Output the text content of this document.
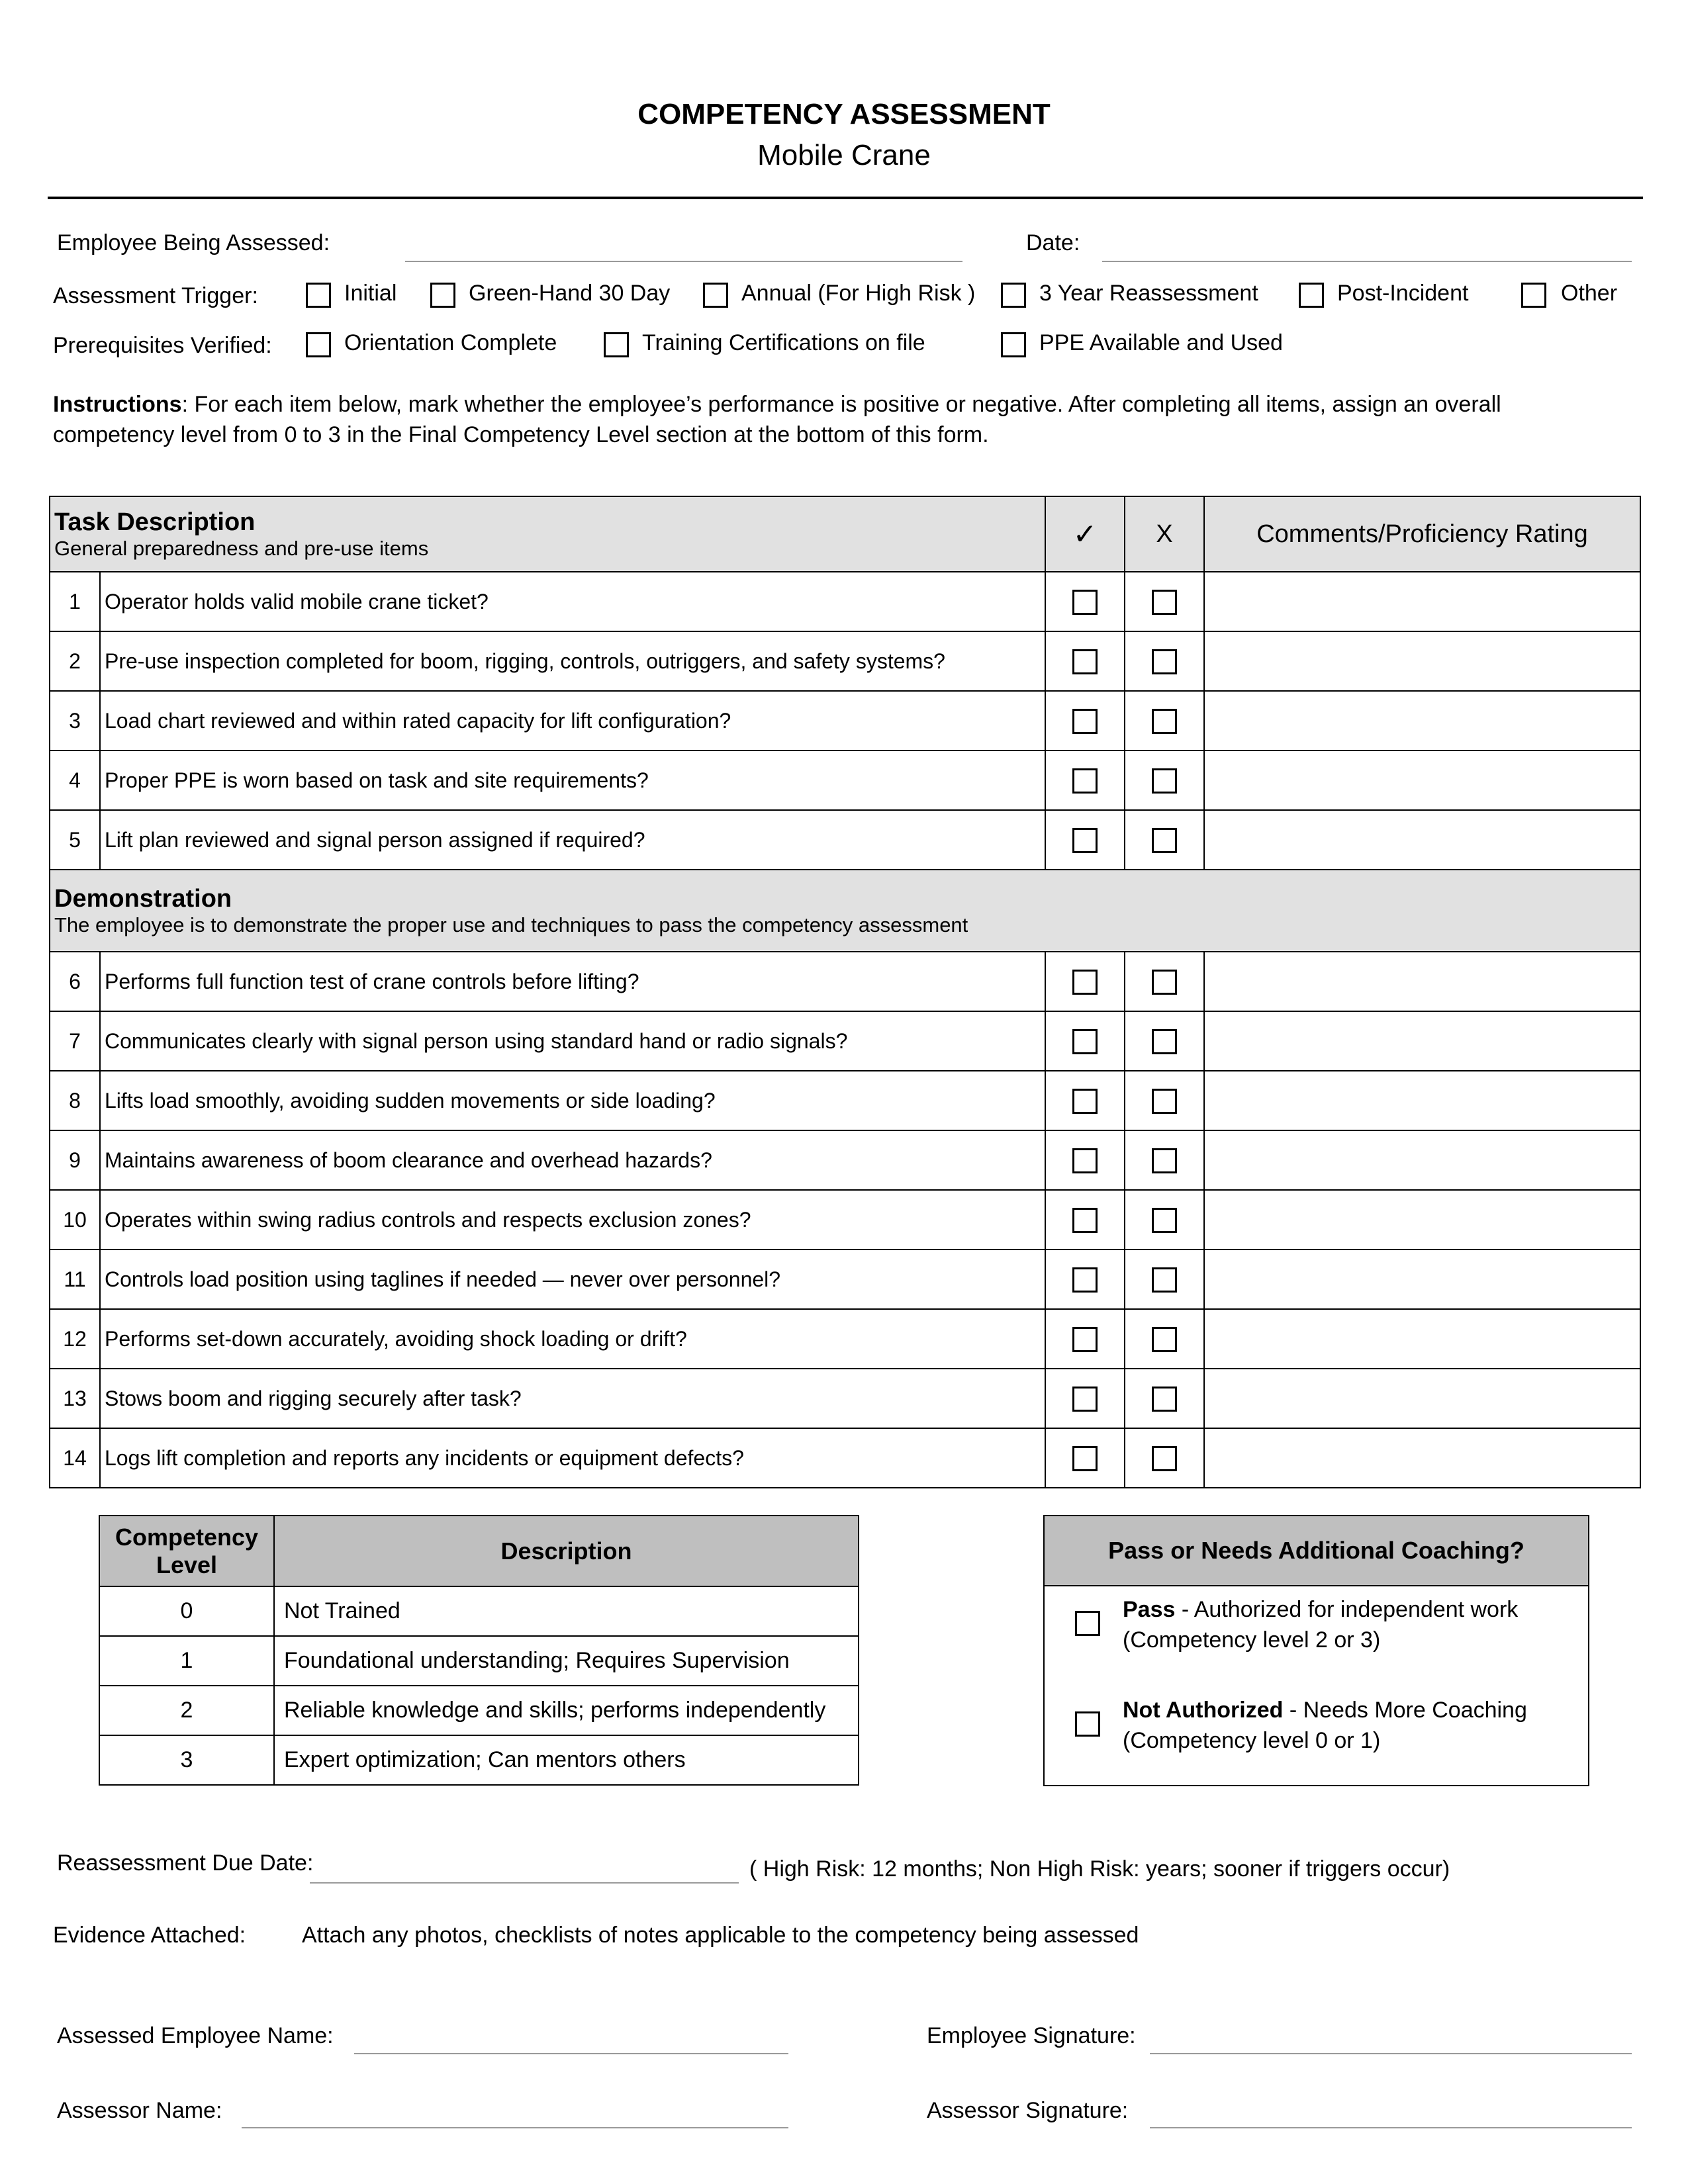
COMPETENCY ASSESSMENT
Mobile Crane
Employee Being Assessed:	Date:
Assessment Trigger:	Initial	Green-Hand 30 Day	Annual (For High Risk )	3 Year Reassessment	Post-Incident	Other
Prerequisites Verified:	Orientation Complete	Training Certifications on file	PPE Available and Used
Instructions: For each item below, mark whether the employee’s performance is positive or negative. After completing all items, assign an overall competency level from 0 to 3 in the Final Competency Level section at the bottom of this form.
Task Description
General preparedness and pre-use items		✓	X	Comments/Proficiency Rating
1	Operator holds valid mobile crane ticket?			
2	Pre-use inspection completed for boom, rigging, controls, outriggers, and safety systems?			
3	Load chart reviewed and within rated capacity for lift configuration?			
4	Proper PPE is worn based on task and site requirements?			
5	Lift plan reviewed and signal person assigned if required?			

Demonstration
The employee is to demonstrate the proper use and techniques to pass the competency assessment				

6	Performs full function test of crane controls before lifting?			
7	Communicates clearly with signal person using standard hand or radio signals?			
8	Lifts load smoothly, avoiding sudden movements or side loading?			
9	Maintains awareness of boom clearance and overhead hazards?			
10	Operates within swing radius controls and respects exclusion zones?			
11	Controls load position using taglines if needed — never over personnel?			
12	Performs set-down accurately, avoiding shock loading or drift?			
13	Stows boom and rigging securely after task?			
14	Logs lift completion and reports any incidents or equipment defects?			
Competency Level	Description
0	Not Trained
1	Foundational understanding; Requires Supervision
2	Reliable knowledge and skills; performs independently
3	Expert optimization; Can mentors others
Pass or Needs Additional Coaching?
Pass - Authorized for independent work
(Competency level 2 or 3)
Not Authorized - Needs More Coaching
(Competency level 0 or 1)
Reassessment Due Date:	( High Risk: 12 months; Non High Risk: years; sooner if triggers occur)
Evidence Attached: Attach any photos, checklists of notes applicable to the competency being assessed
Assessed Employee Name:	Employee Signature:
Assessor Name:	Assessor Signature:
